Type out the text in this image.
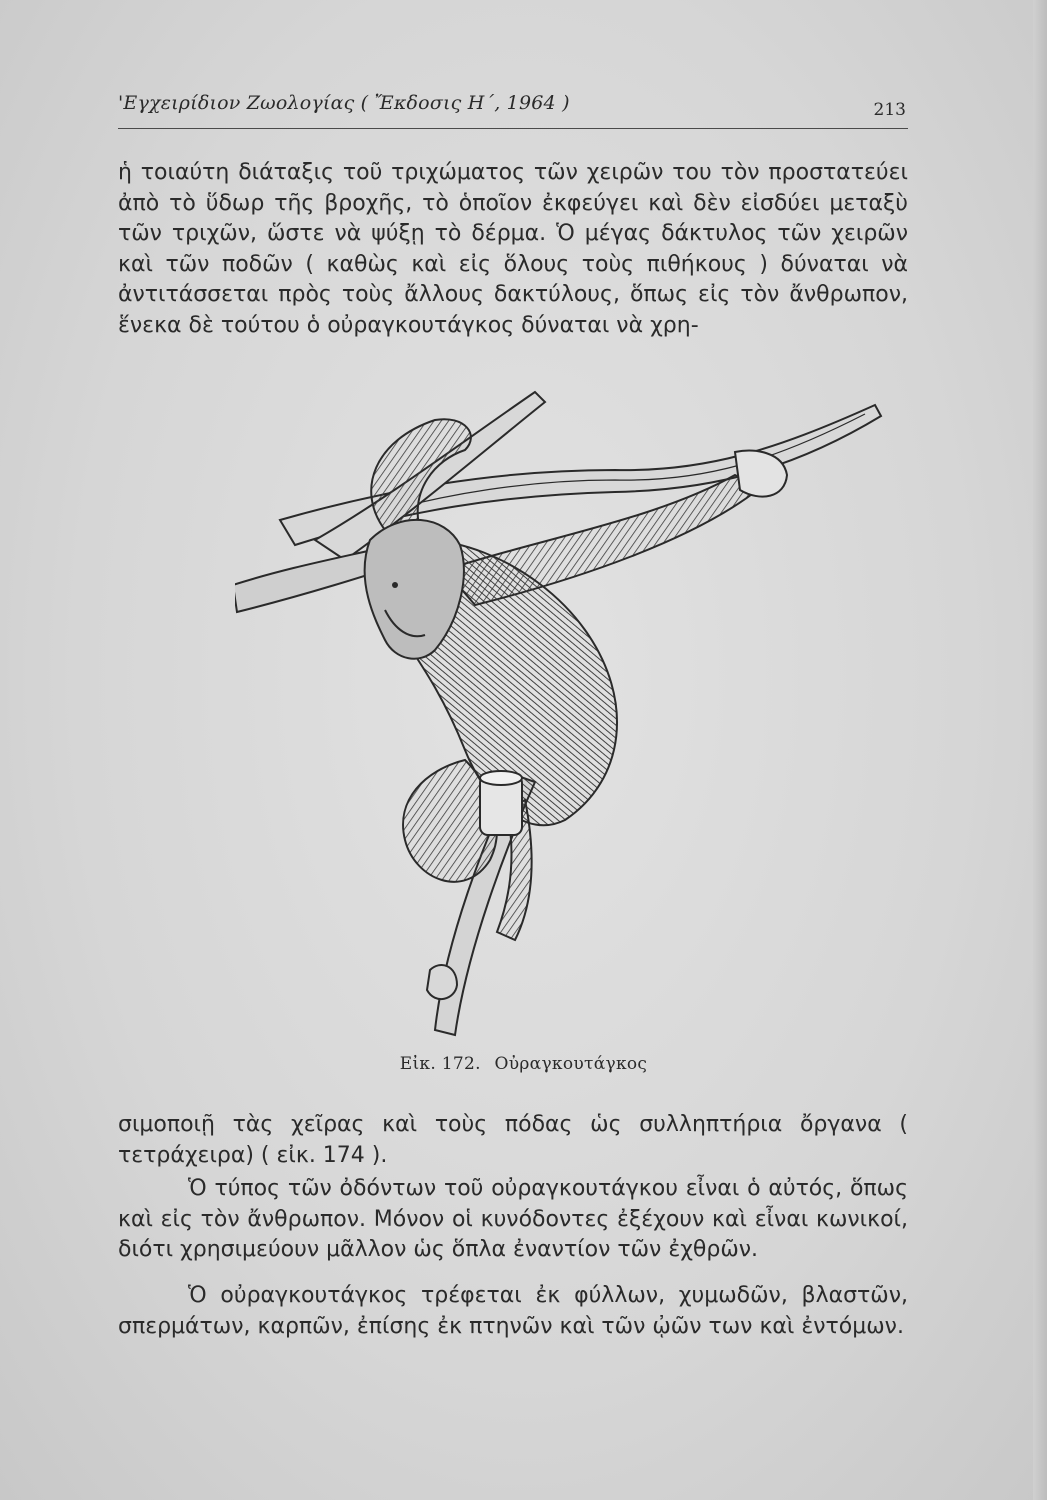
'Εγχειρίδιον Ζωολογίας ( Ἔκδοσις Η΄, 1964 )	213

ἡ τοιαύτη διάταξις τοῦ τριχώματος τῶν χειρῶν του τὸν προστατεύει ἀπὸ τὸ ὕδωρ τῆς βροχῆς, τὸ ὁποῖον ἐκφεύγει καὶ δὲν εἰσδύει μεταξὺ τῶν τριχῶν, ὥστε νὰ ψύξῃ τὸ δέρμα. Ὁ μέγας δάκτυλος τῶν χειρῶν καὶ τῶν ποδῶν ( καθὼς καὶ εἰς ὅλους τοὺς πιθήκους ) δύναται νὰ ἀντιτάσσεται πρὸς τοὺς ἄλλους δακτύλους, ὅπως εἰς τὸν ἄνθρωπον, ἕνεκα δὲ τούτου ὁ οὐραγκουτάγκος δύναται νὰ χρη-

Εἰκ. 172. Οὐραγκουτάγκος

σιμοποιῇ τὰς χεῖρας καὶ τοὺς πόδας ὡς συλληπτήρια ὄργανα ( τετράχειρα) ( εἰκ. 174 ).

Ὁ τύπος τῶν ὀδόντων τοῦ οὐραγκουτάγκου εἶναι ὁ αὐτός, ὅπως καὶ εἰς τὸν ἄνθρωπον. Μόνον οἱ κυνόδοντες ἐξέχουν καὶ εἶναι κωνικοί, διότι χρησιμεύουν μᾶλλον ὡς ὅπλα ἐναντίον τῶν ἐχθρῶν.

Ὁ οὐραγκουτάγκος τρέφεται ἐκ φύλλων, χυμωδῶν, βλαστῶν, σπερμάτων, καρπῶν, ἐπίσης ἐκ πτηνῶν καὶ τῶν ᾠῶν των καὶ ἐντόμων.
